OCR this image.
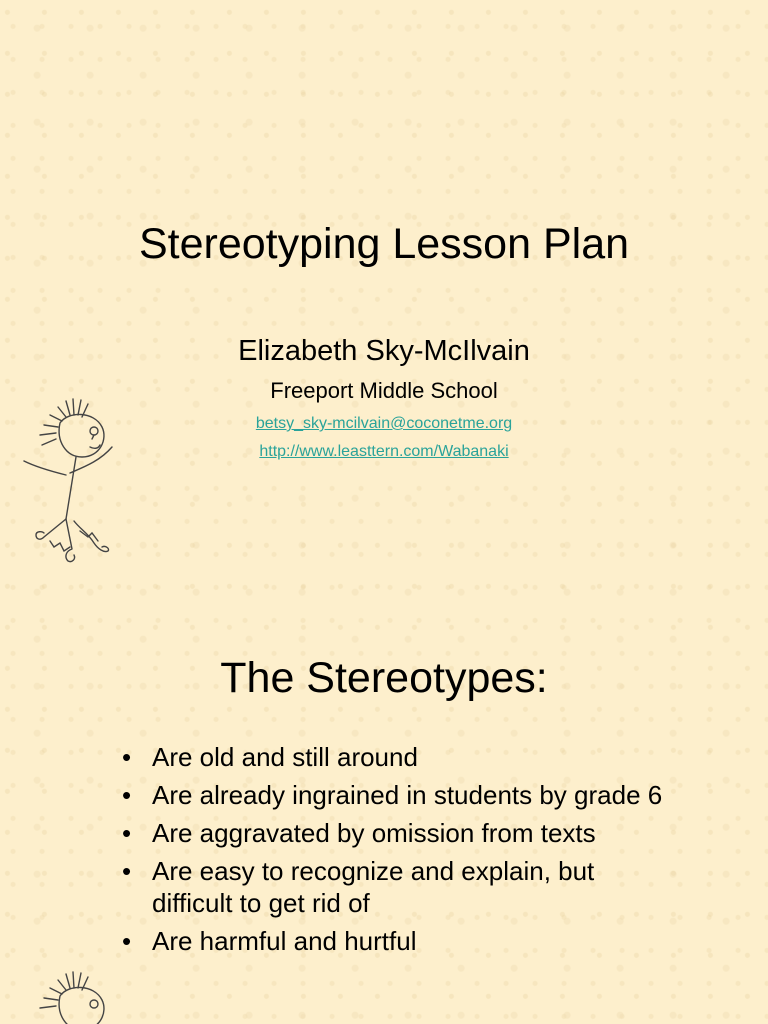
Stereotyping Lesson Plan
Elizabeth Sky-McIlvain
Freeport Middle School
betsy_sky-mcilvain@coconetme.org
http://www.leasttern.com/Wabanaki
The Stereotypes:
• Are old and still around
• Are already ingrained in students by grade 6
• Are aggravated by omission from texts
• Are easy to recognize and explain, but difficult to get rid of
• Are harmful and hurtful
